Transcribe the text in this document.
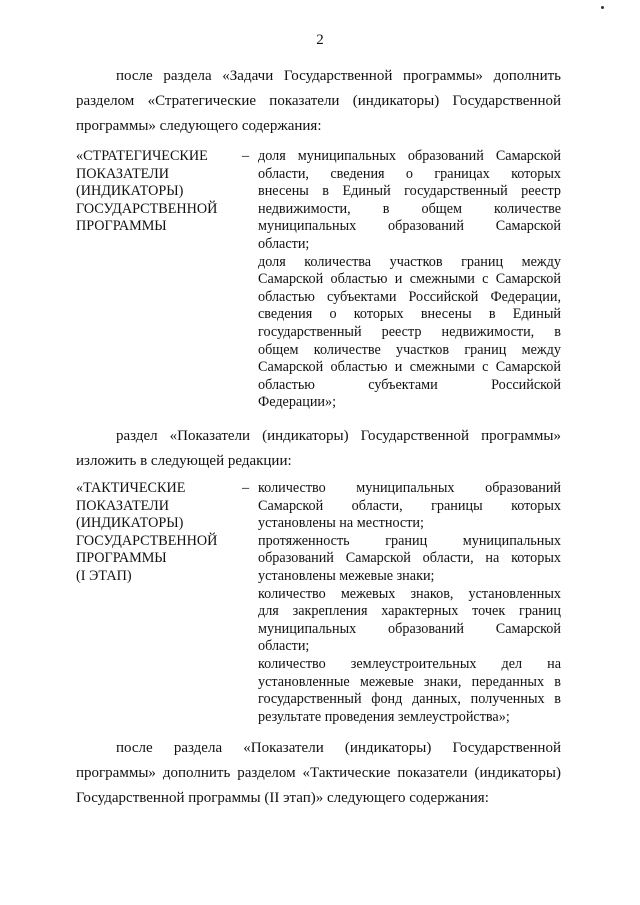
2
после раздела «Задачи Государственной программы» дополнить
разделом «Стратегические показатели (индикаторы) Государственной
программы» следующего содержания:
«СТРАТЕГИЧЕСКИЕ
ПОКАЗАТЕЛИ
(ИНДИКАТОРЫ)
ГОСУДАРСТВЕННОЙ
ПРОГРАММЫ
– доля муниципальных образований Самарской
области, сведения о границах которых
внесены в Единый государственный реестр
недвижимости, в общем количестве
муниципальных образований Самарской
области;
доля количества участков границ между
Самарской областью и смежными с Самарской
областью субъектами Российской Федерации,
сведения о которых внесены в Единый
государственный реестр недвижимости, в
общем количестве участков границ между
Самарской областью и смежными с Самарской
областью субъектами Российской
Федерации»;
раздел «Показатели (индикаторы) Государственной программы»
изложить в следующей редакции:
«ТАКТИЧЕСКИЕ
ПОКАЗАТЕЛИ
(ИНДИКАТОРЫ)
ГОСУДАРСТВЕННОЙ
ПРОГРАММЫ
(I ЭТАП)
– количество муниципальных образований
Самарской области, границы которых
установлены на местности;
протяженность границ муниципальных
образований Самарской области, на которых
установлены межевые знаки;
количество межевых знаков, установленных
для закрепления характерных точек границ
муниципальных образований Самарской
области;
количество землеустроительных дел на
установленные межевые знаки, переданных в
государственный фонд данных, полученных в
результате проведения землеустройства»;
после раздела «Показатели (индикаторы) Государственной
программы» дополнить разделом «Тактические показатели (индикаторы)
Государственной программы (II этап)» следующего содержания:
